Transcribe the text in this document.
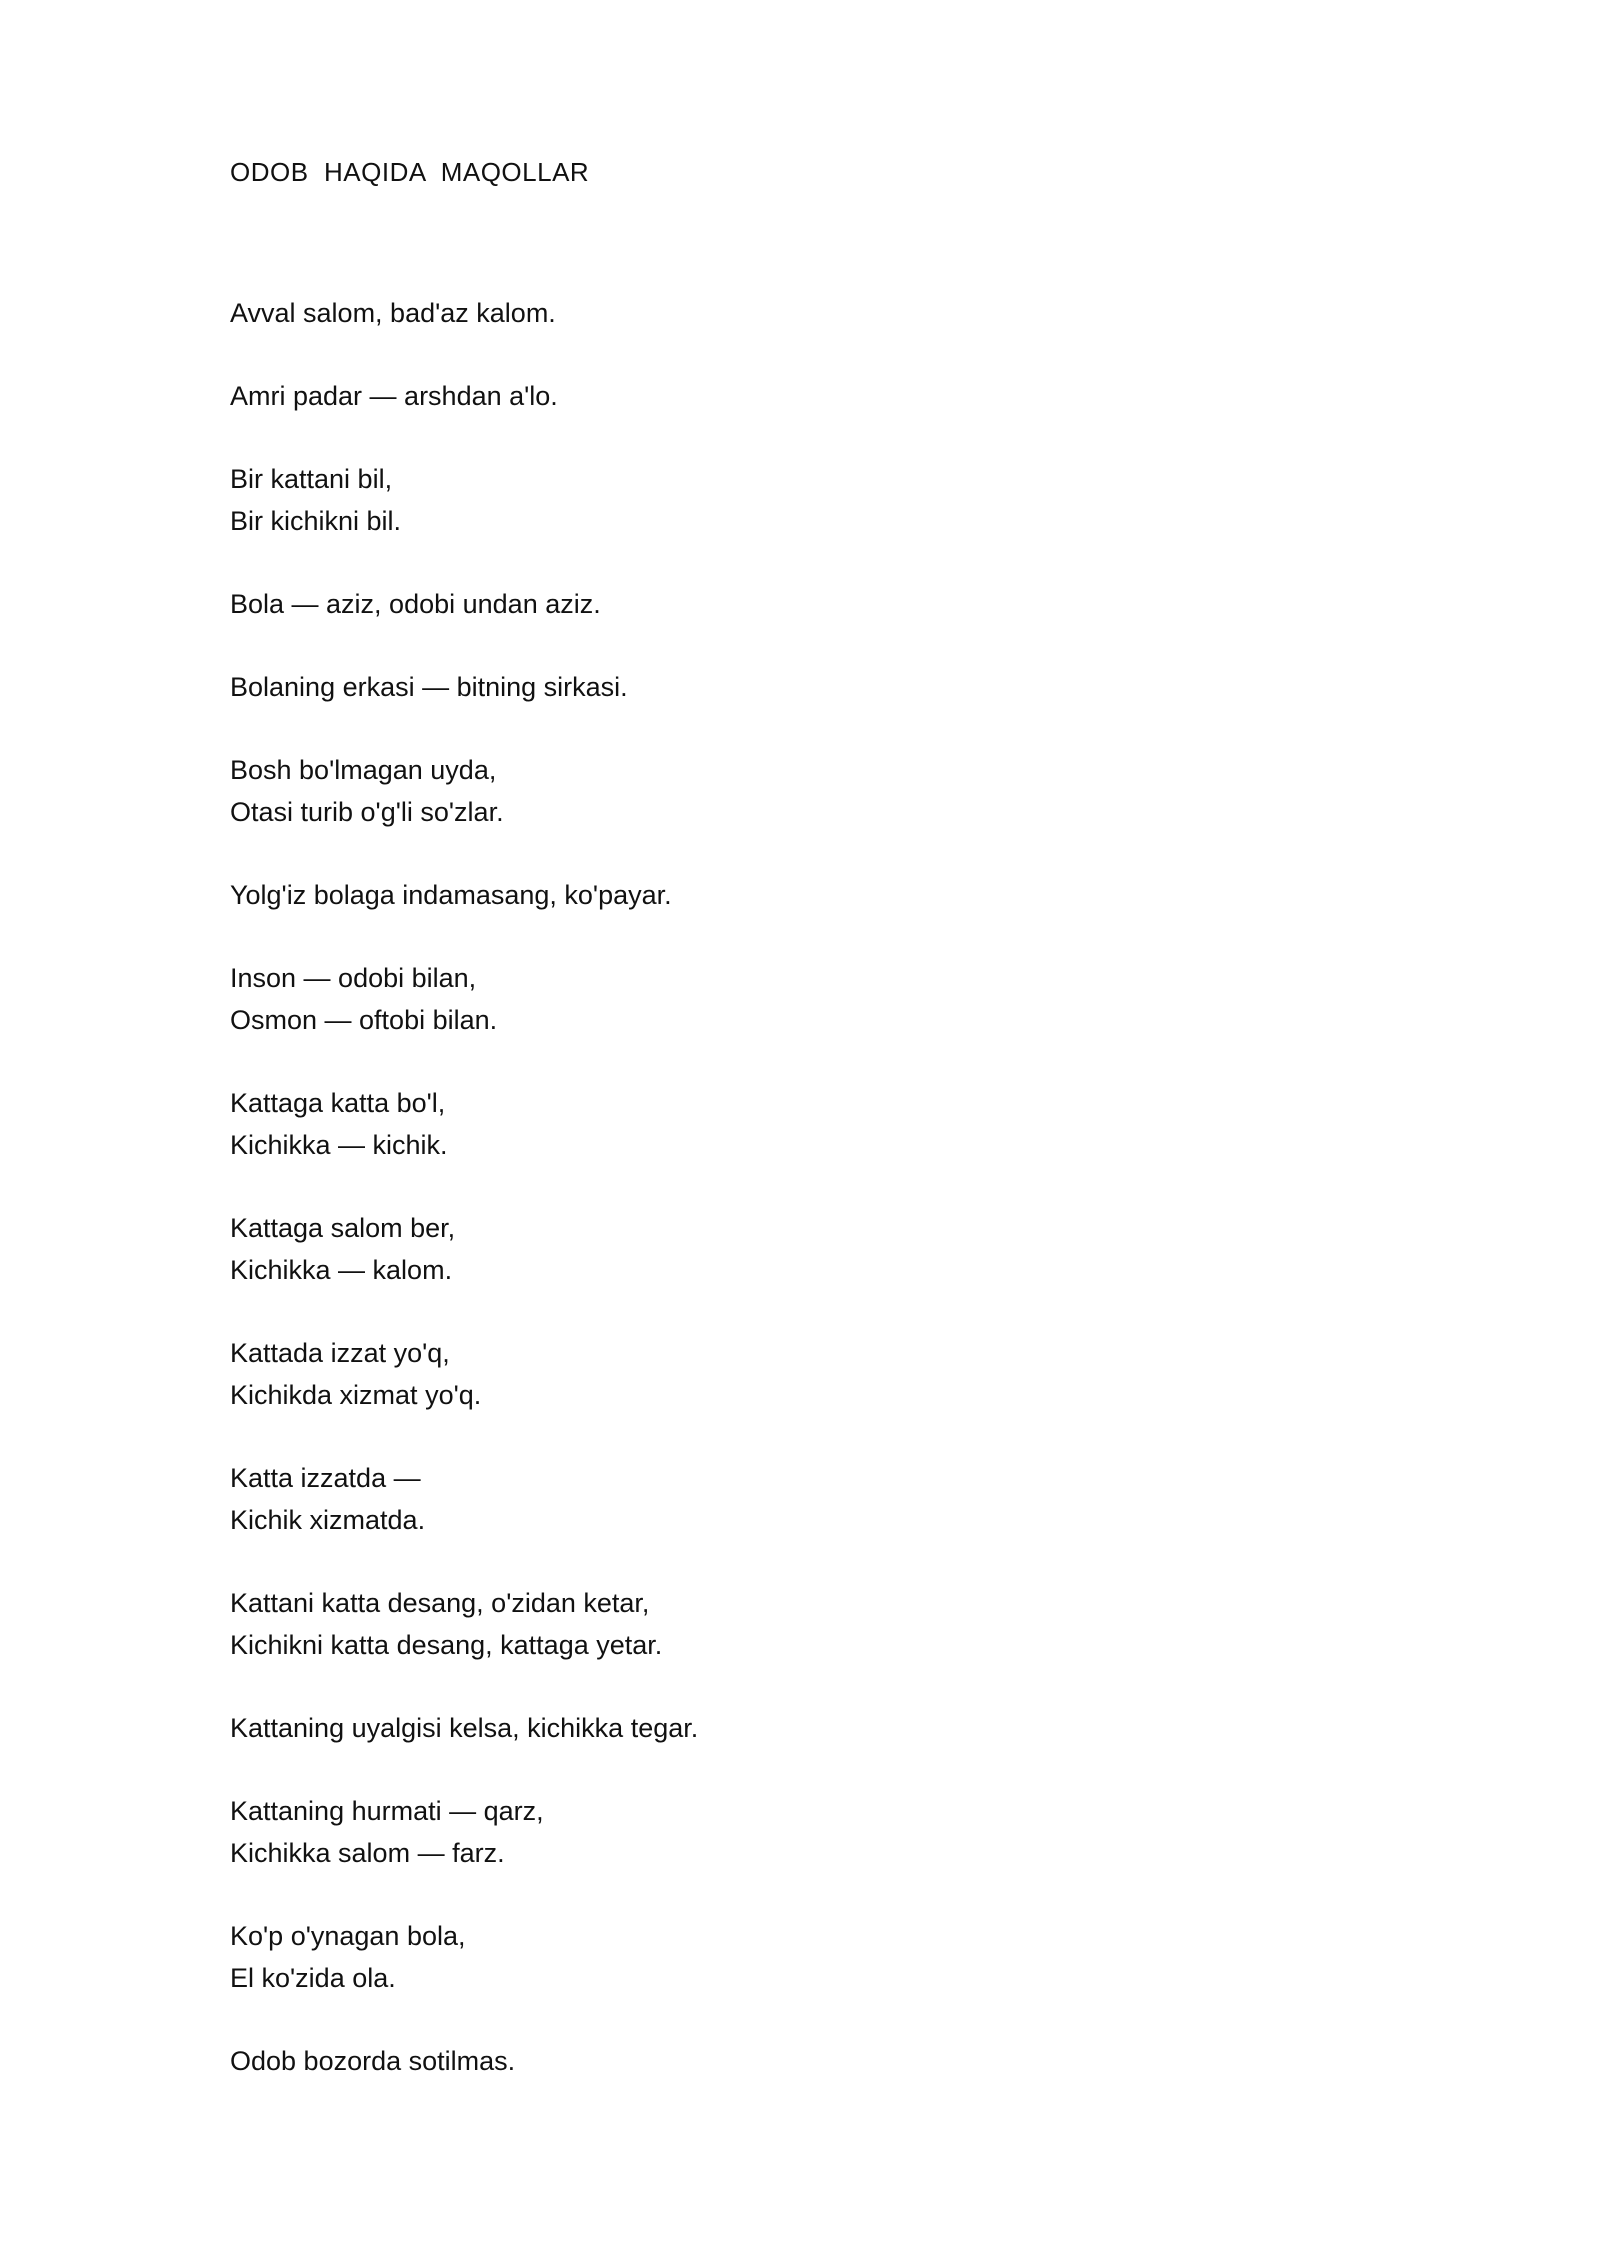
ODOB  HAQIDA  MAQOLLAR
Avval salom, bad'az kalom.
Amri padar — arshdan a'lo.
Bir kattani bil,
Bir kichikni bil.
Bola — aziz, odobi undan aziz.
Bolaning erkasi — bitning sirkasi.
Bosh bo'lmagan uyda,
Otasi turib o'g'li so'zlar.
Yolg'iz bolaga indamasang, ko'payar.
Inson — odobi bilan,
Osmon — oftobi bilan.
Kattaga katta bo'l,
Kichikka — kichik.
Kattaga salom ber,
Kichikka — kalom.
Kattada izzat yo'q,
Kichikda xizmat yo'q.
Katta izzatda —
Kichik xizmatda.
Kattani katta desang, o'zidan ketar,
Kichikni katta desang, kattaga yetar.
Kattaning uyalgisi kelsa, kichikka tegar.
Kattaning hurmati — qarz,
Kichikka salom — farz.
Ko'p o'ynagan bola,
El ko'zida ola.
Odob bozorda sotilmas.
